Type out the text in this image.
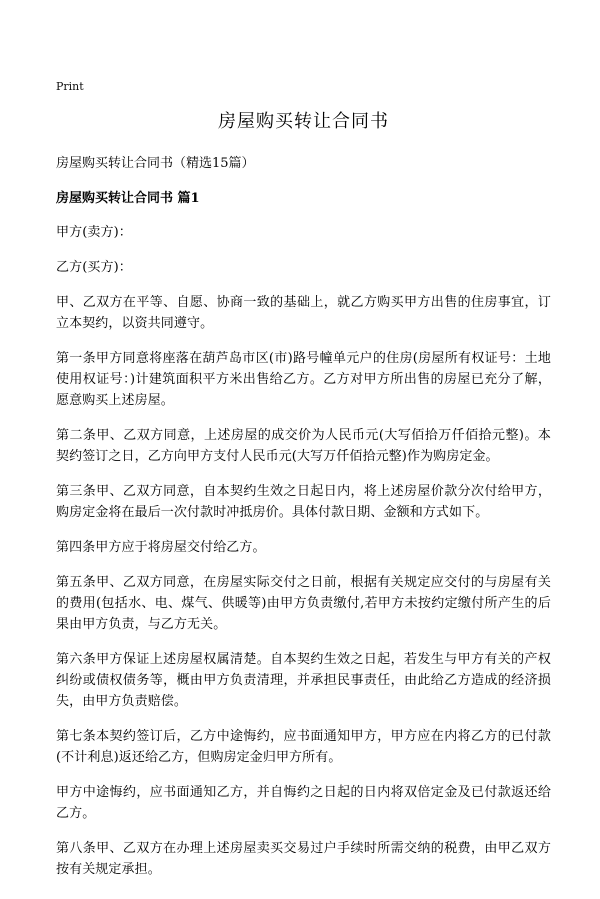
Print
房屋购买转让合同书
房屋购买转让合同书（精选15篇）
房屋购买转让合同书 篇1

甲方(卖方)：

乙方(买方)：

甲、乙双方在平等、自愿、协商一致的基础上，就乙方购买甲方出售的住房事宜，订立本契约，以资共同遵守。

第一条甲方同意将座落在葫芦岛市区(市)路号幢单元户的住房(房屋所有权证号：土地使用权证号：)计建筑面积平方米出售给乙方。乙方对甲方所出售的房屋已充分了解，愿意购买上述房屋。

第二条甲、乙双方同意，上述房屋的成交价为人民币元(大写佰拾万仟佰拾元整)。本契约签订之日，乙方向甲方支付人民币元(大写万仟佰拾元整)作为购房定金。

第三条甲、乙双方同意，自本契约生效之日起日内，将上述房屋价款分次付给甲方，购房定金将在最后一次付款时冲抵房价。具体付款日期、金额和方式如下。

第四条甲方应于将房屋交付给乙方。

第五条甲、乙双方同意，在房屋实际交付之日前，根据有关规定应交付的与房屋有关的费用(包括水、电、煤气、供暖等)由甲方负责缴付,若甲方未按约定缴付所产生的后果由甲方负责，与乙方无关。

第六条甲方保证上述房屋权属清楚。自本契约生效之日起，若发生与甲方有关的产权纠纷或债权债务等，概由甲方负责清理，并承担民事责任，由此给乙方造成的经济损失，由甲方负责赔偿。

第七条本契约签订后，乙方中途悔约，应书面通知甲方，甲方应在内将乙方的已付款(不计利息)返还给乙方，但购房定金归甲方所有。

甲方中途悔约，应书面通知乙方，并自悔约之日起的日内将双倍定金及已付款返还给乙方。

第八条甲、乙双方在办理上述房屋卖买交易过户手续时所需交纳的税费，由甲乙双方按有关规定承担。
